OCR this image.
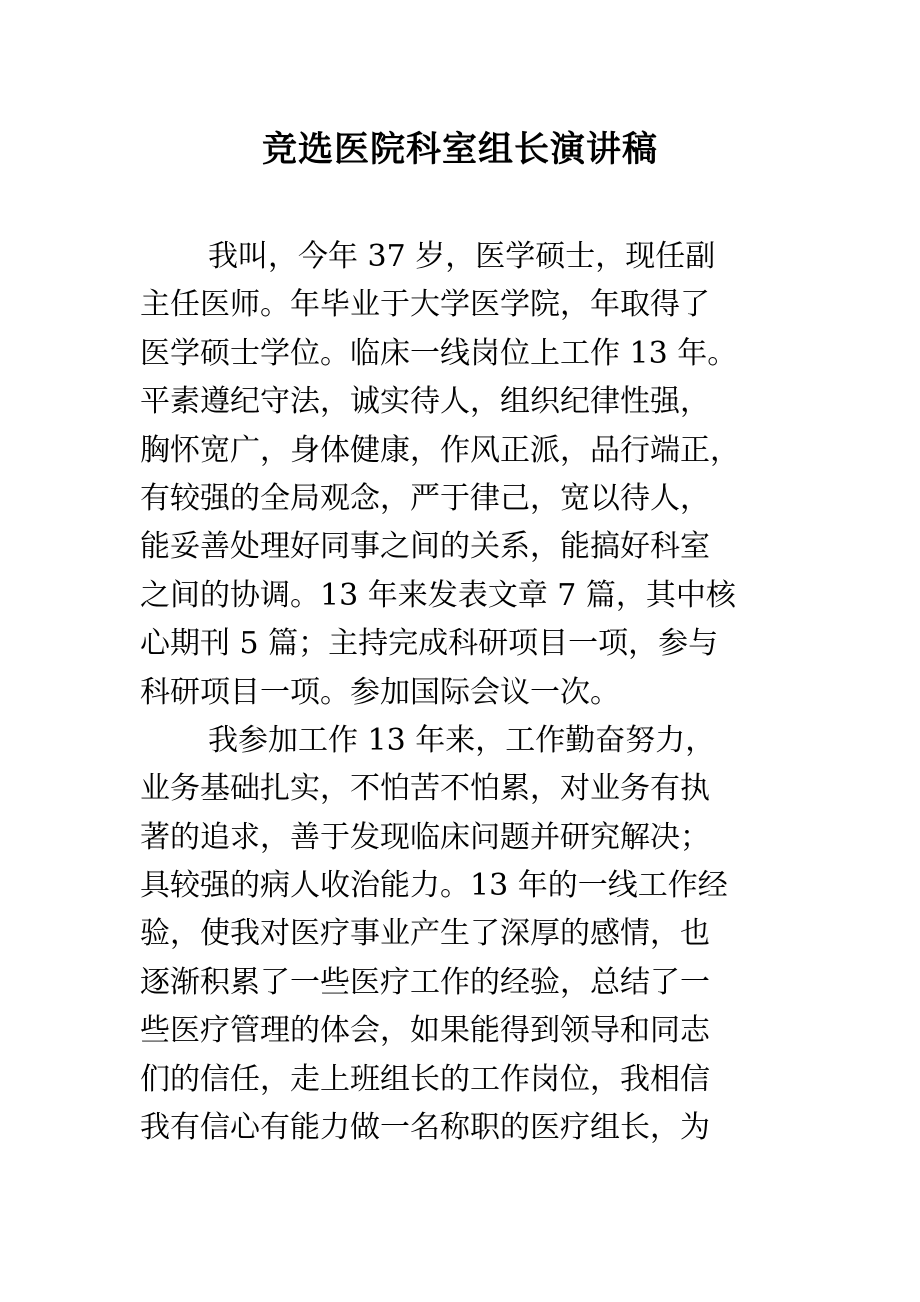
竞选医院科室组长演讲稿
我叫，今年 37 岁，医学硕士，现任副
主任医师。年毕业于大学医学院，年取得了
医学硕士学位。临床一线岗位上工作 13 年。
平素遵纪守法，诚实待人，组织纪律性强，
胸怀宽广，身体健康，作风正派，品行端正，
有较强的全局观念，严于律己，宽以待人，
能妥善处理好同事之间的关系，能搞好科室
之间的协调。13 年来发表文章 7 篇，其中核
心期刊 5 篇；主持完成科研项目一项，参与
科研项目一项。参加国际会议一次。
我参加工作 13 年来，工作勤奋努力，
业务基础扎实，不怕苦不怕累，对业务有执
著的追求，善于发现临床问题并研究解决；
具较强的病人收治能力。13 年的一线工作经
验，使我对医疗事业产生了深厚的感情，也
逐渐积累了一些医疗工作的经验，总结了一
些医疗管理的体会，如果能得到领导和同志
们的信任，走上班组长的工作岗位，我相信
我有信心有能力做一名称职的医疗组长，为
